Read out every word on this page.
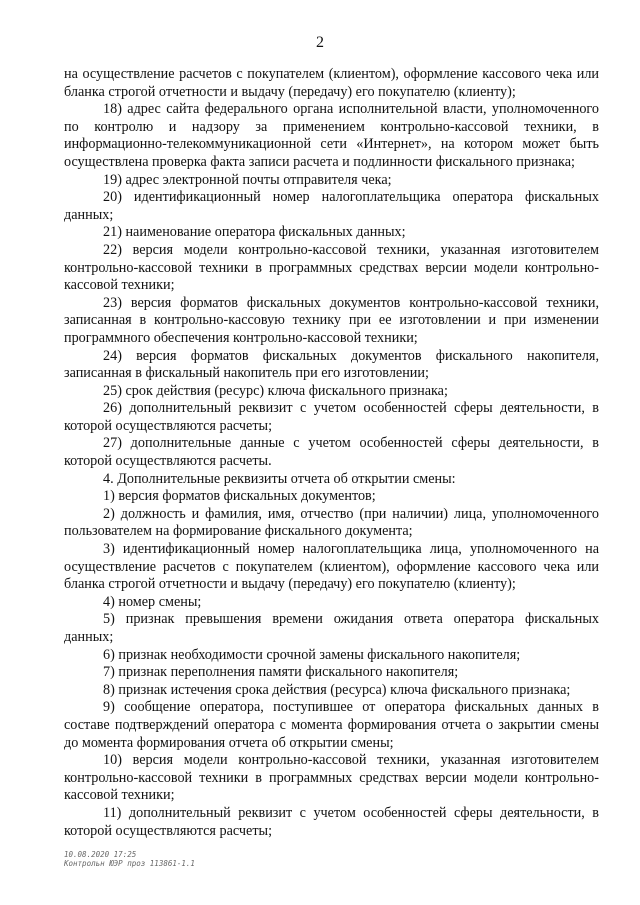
2

на осуществление расчетов с покупателем (клиентом), оформление кассового чека или бланка строгой отчетности и выдачу (передачу) его покупателю (клиенту);

18) адрес сайта федерального органа исполнительной власти, уполномоченного по контролю и надзору за применением контрольно-кассовой техники, в информационно-телекоммуникационной сети «Интернет», на котором может быть осуществлена проверка факта записи расчета и подлинности фискального признака;

19) адрес электронной почты отправителя чека;

20) идентификационный номер налогоплательщика оператора фискальных данных;

21) наименование оператора фискальных данных;

22) версия модели контрольно-кассовой техники, указанная изготовителем контрольно-кассовой техники в программных средствах версии модели контрольно-кассовой техники;

23) версия форматов фискальных документов контрольно-кассовой техники, записанная в контрольно-кассовую технику при ее изготовлении и при изменении программного обеспечения контрольно-кассовой техники;

24) версия форматов фискальных документов фискального накопителя, записанная в фискальный накопитель при его изготовлении;

25) срок действия (ресурс) ключа фискального признака;

26) дополнительный реквизит с учетом особенностей сферы деятельности, в которой осуществляются расчеты;

27) дополнительные данные с учетом особенностей сферы деятельности, в которой осуществляются расчеты.

4. Дополнительные реквизиты отчета об открытии смены:

1) версия форматов фискальных документов;

2) должность и фамилия, имя, отчество (при наличии) лица, уполномоченного пользователем на формирование фискального документа;

3) идентификационный номер налогоплательщика лица, уполномоченного на осуществление расчетов с покупателем (клиентом), оформление кассового чека или бланка строгой отчетности и выдачу (передачу) его покупателю (клиенту);

4) номер смены;

5) признак превышения времени ожидания ответа оператора фискальных данных;

6) признак необходимости срочной замены фискального накопителя;

7) признак переполнения памяти фискального накопителя;

8) признак истечения срока действия (ресурса) ключа фискального признака;

9) сообщение оператора, поступившее от оператора фискальных данных в составе подтверждений оператора с момента формирования отчета о закрытии смены до момента формирования отчета об открытии смены;

10) версия модели контрольно-кассовой техники, указанная изготовителем контрольно-кассовой техники в программных средствах версии модели контрольно-кассовой техники;

11) дополнительный реквизит с учетом особенностей сферы деятельности, в которой осуществляются расчеты;

10.08.2020 17:25
Контрольн ЮЭР проз 113861-1.1
